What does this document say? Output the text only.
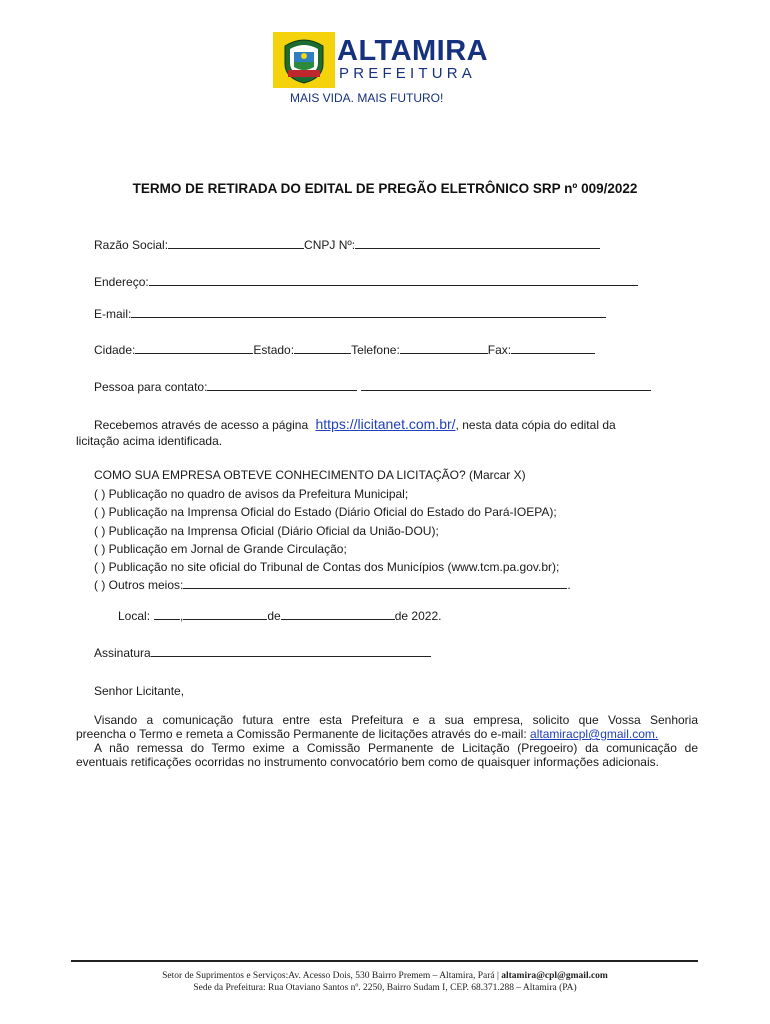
ALTAMIRA
PREFEITURA
MAIS VIDA. MAIS FUTURO!
TERMO DE RETIRADA DO EDITAL DE PREGÃO ELETRÔNICO SRP nº 009/2022
Razão Social:	CNPJ Nº:
Endereço:
E-mail:
Cidade:	Estado:	Telefone:	Fax:
Pessoa para contato:
Recebemos através de acesso a página https://licitanet.com.br/, nesta data cópia do edital da
licitação acima identificada.
COMO SUA EMPRESA OBTEVE CONHECIMENTO DA LICITAÇÃO? (Marcar X)
( ) Publicação no quadro de avisos da Prefeitura Municipal;
( ) Publicação na Imprensa Oficial do Estado (Diário Oficial do Estado do Pará-IOEPA);
( ) Publicação na Imprensa Oficial (Diário Oficial da União-DOU);
( ) Publicação em Jornal de Grande Circulação;
( ) Publicação no site oficial do Tribunal de Contas dos Municípios (www.tcm.pa.gov.br);
( ) Outros meios:	.
Local:	,	de	de 2022.
Assinatura
Senhor Licitante,
Visando a comunicação futura entre esta Prefeitura e a sua empresa, solicito que Vossa Senhoria
preencha o Termo e remeta a Comissão Permanente de licitações através do e-mail: altamiracpl@gmail.com.
A não remessa do Termo exime a Comissão Permanente de Licitação (Pregoeiro) da comunicação de
eventuais retificações ocorridas no instrumento convocatório bem como de quaisquer informações adicionais.
Setor de Suprimentos e Serviços:Av. Acesso Dois, 530 Bairro Premem – Altamira, Pará | altamira@cpl@gmail.com
Sede da Prefeitura: Rua Otaviano Santos nº. 2250, Bairro Sudam I, CEP. 68.371.288 – Altamira (PA)
